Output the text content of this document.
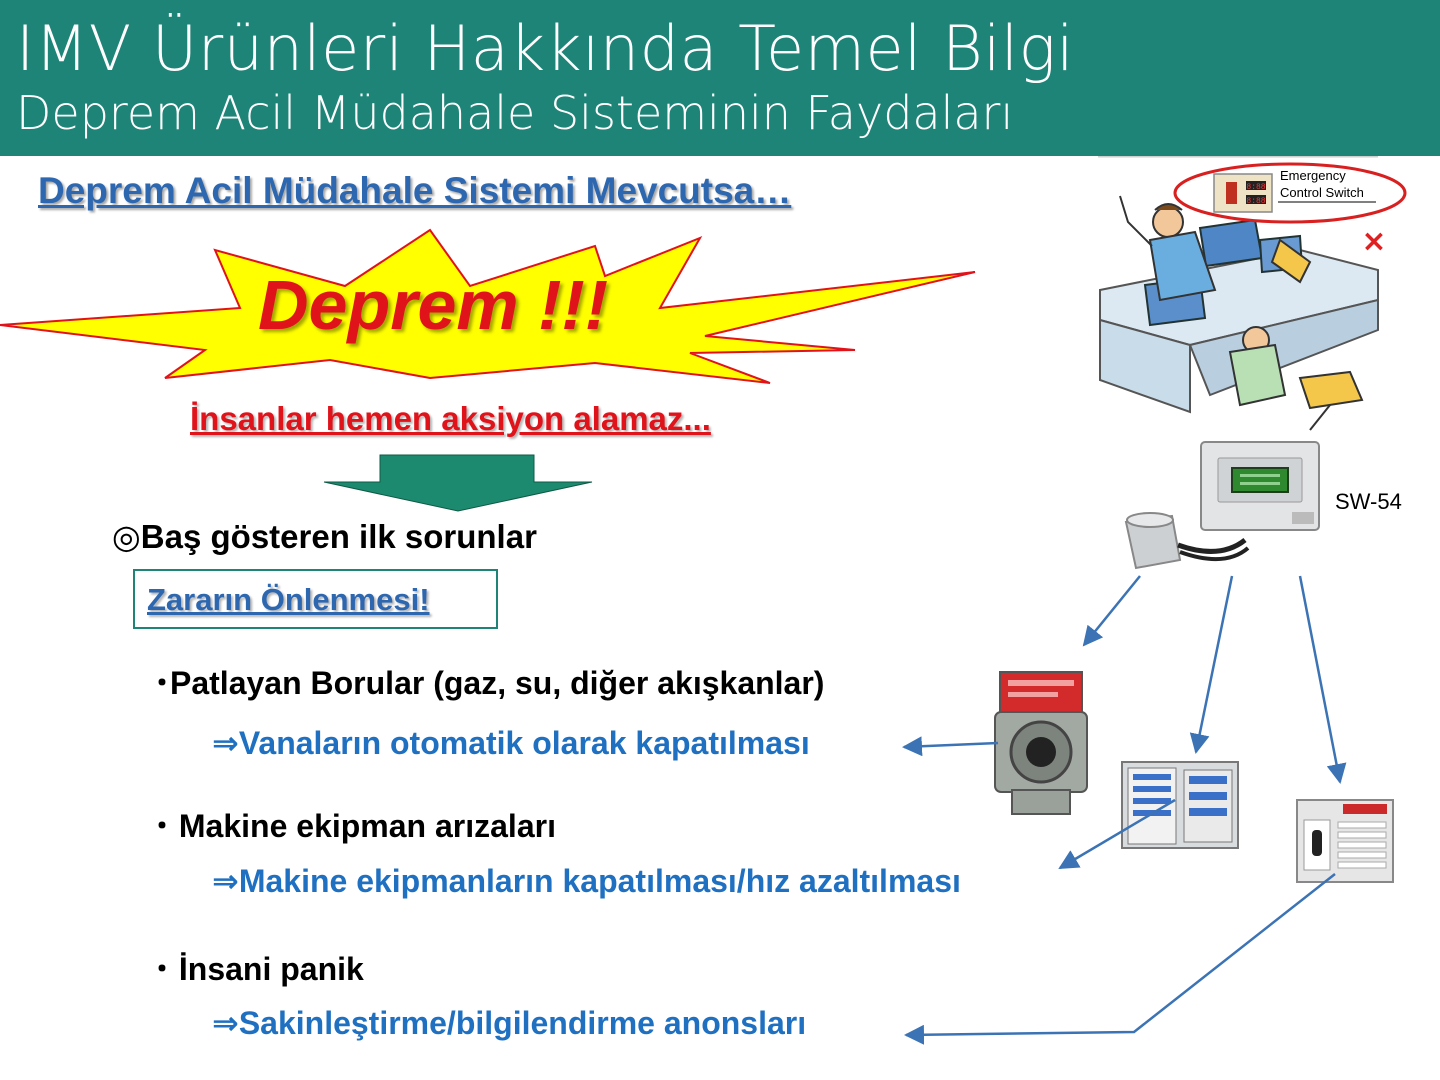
IMV Ürünleri Hakkında Temel Bilgi
Deprem Acil Müdahale Sisteminin Faydaları
Deprem Acil Müdahale Sistemi Mevcutsa…
Deprem !!!
İnsanlar hemen aksiyon alamaz...
◎Baş gösteren ilk sorunlar
Zararın Önlenmesi!
･Patlayan Borular (gaz, su, diğer akışkanlar)
⇒Vanaların otomatik olarak kapatılması
･ Makine ekipman arızaları
⇒Makine ekipmanların kapatılması/hız azaltılması
･ İnsani panik
⇒Sakinleştirme/bilgilendirme anonsları
8:88
8:88
Emergency
Control Switch
×
SW-54
